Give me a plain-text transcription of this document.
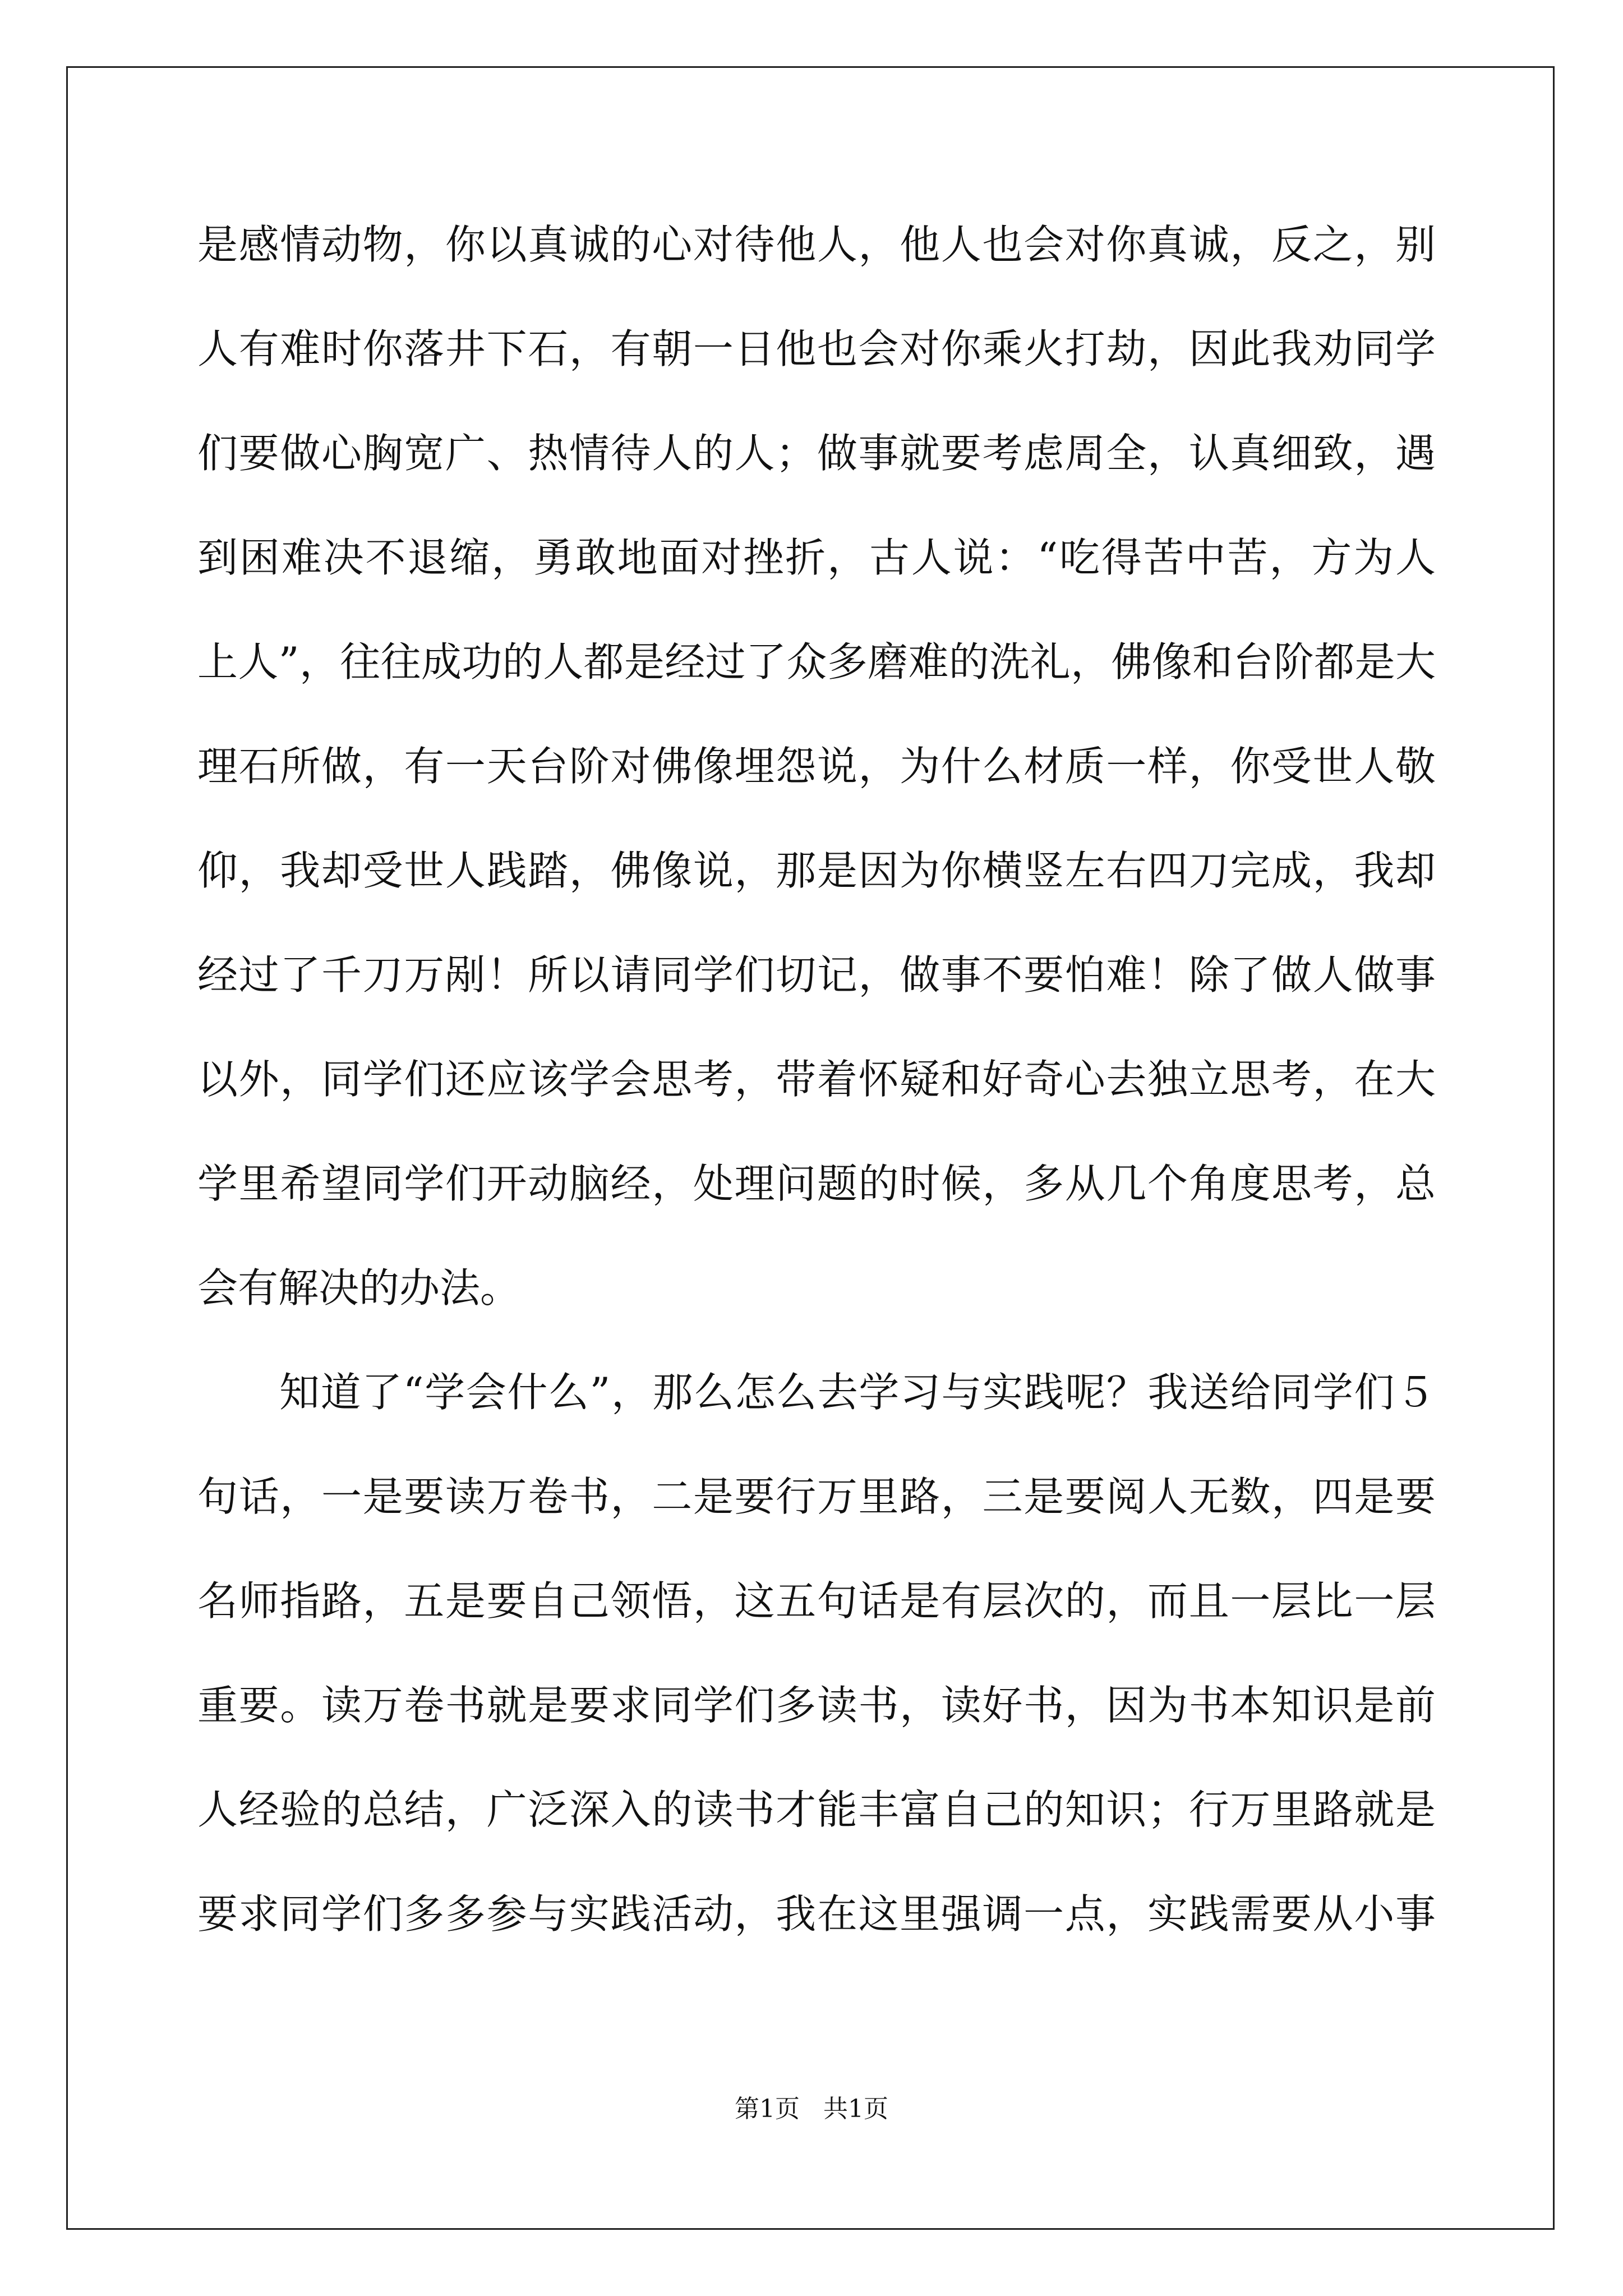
是感情动物，你以真诚的心对待他人，他人也会对你真诚，反之，别
人有难时你落井下石，有朝一日他也会对你乘火打劫，因此我劝同学
们要做心胸宽广、热情待人的人；做事就要考虑周全，认真细致，遇
到困难决不退缩，勇敢地面对挫折，古人说：“吃得苦中苦，方为人
上人”，往往成功的人都是经过了众多磨难的洗礼，佛像和台阶都是大
理石所做，有一天台阶对佛像埋怨说，为什么材质一样，你受世人敬
仰，我却受世人践踏，佛像说，那是因为你横竖左右四刀完成，我却
经过了千刀万剐！所以请同学们切记，做事不要怕难！除了做人做事
以外，同学们还应该学会思考，带着怀疑和好奇心去独立思考，在大
学里希望同学们开动脑经，处理问题的时候，多从几个角度思考，总
会有解决的办法。
知道了“学会什么”，那么怎么去学习与实践呢？我送给同学们５
句话，一是要读万卷书，二是要行万里路，三是要阅人无数，四是要
名师指路，五是要自己领悟，这五句话是有层次的，而且一层比一层
重要。读万卷书就是要求同学们多读书，读好书，因为书本知识是前
人经验的总结，广泛深入的读书才能丰富自己的知识；行万里路就是
要求同学们多多参与实践活动，我在这里强调一点，实践需要从小事
第1页 共1页
